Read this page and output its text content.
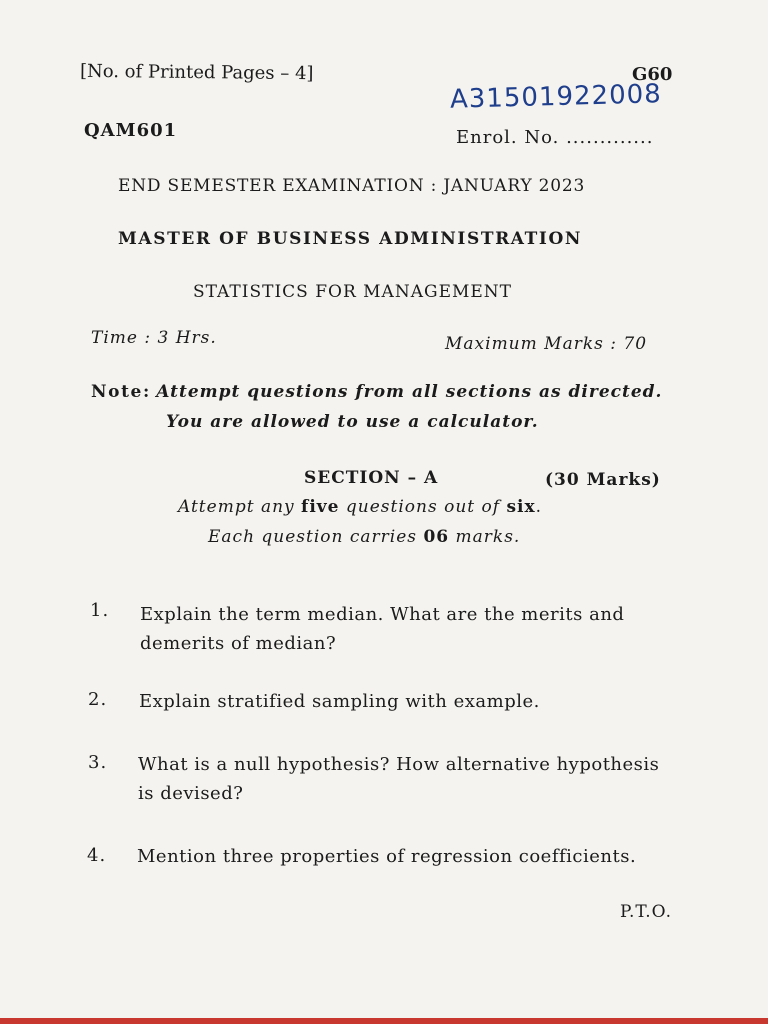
[No. of Printed Pages – 4]	G60
A31501922008
QAM601	Enrol. No. .............
END SEMESTER EXAMINATION : JANUARY 2023
MASTER OF BUSINESS ADMINISTRATION
STATISTICS FOR MANAGEMENT
Time : 3 Hrs.	Maximum Marks : 70
Note: Attempt questions from all sections as directed.
You are allowed to use a calculator.
SECTION – A	(30 Marks)
Attempt any five questions out of six.
Each question carries 06 marks.
1. Explain the term median. What are the merits and
demerits of median?
2. Explain stratified sampling with example.
3. What is a null hypothesis? How alternative hypothesis
is devised?
4. Mention three properties of regression coefficients.
P.T.O.
